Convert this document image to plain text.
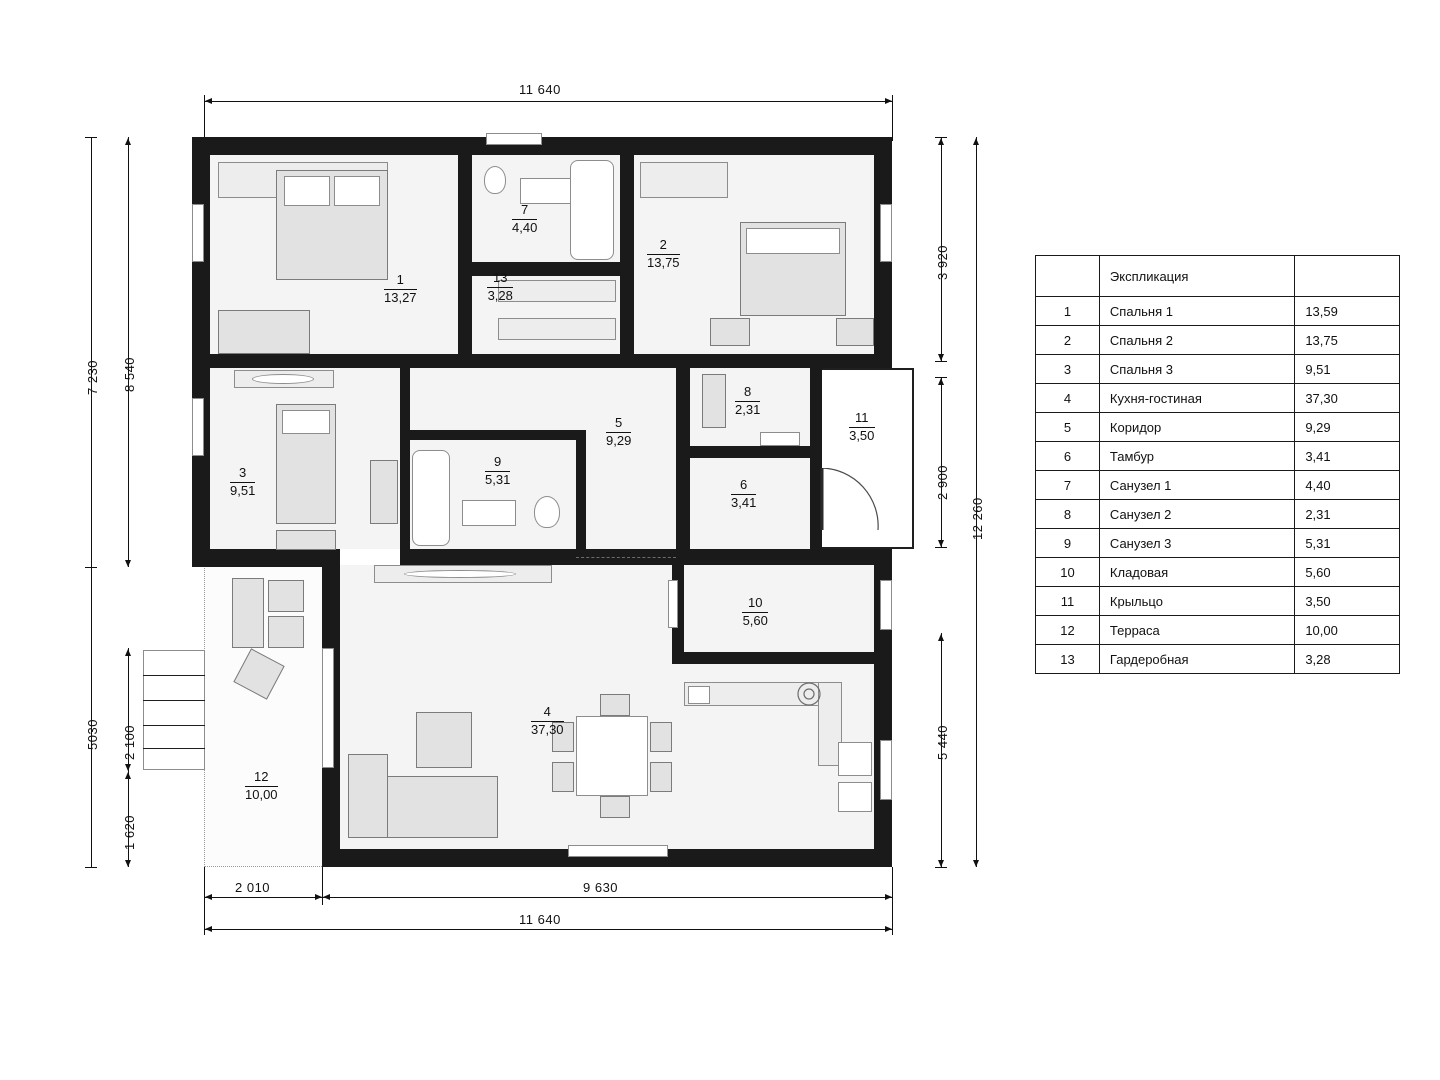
11 640
7 230
5030
8 540
2 100
1 620
3 920
2 900
5 440
12 260
2 010	9 630
11 640
1
13,27
2
13,75
3
9,51
4
37,30
5
9,29
6
3,41
7
4,40
8
2,31
9
5,31
10
5,60
11
3,50
12
10,00
13
3,28
	Экспликация	
1	Спальня 1	13,59
2	Спальня 2	13,75
3	Спальня 3	9,51
4	Кухня-гостиная	37,30
5	Коридор	9,29
6	Тамбур	3,41
7	Санузел 1	4,40
8	Санузел 2	2,31
9	Санузел 3	5,31
10	Кладовая	5,60
11	Крыльцо	3,50
12	Терраса	10,00
13	Гардеробная	3,28
